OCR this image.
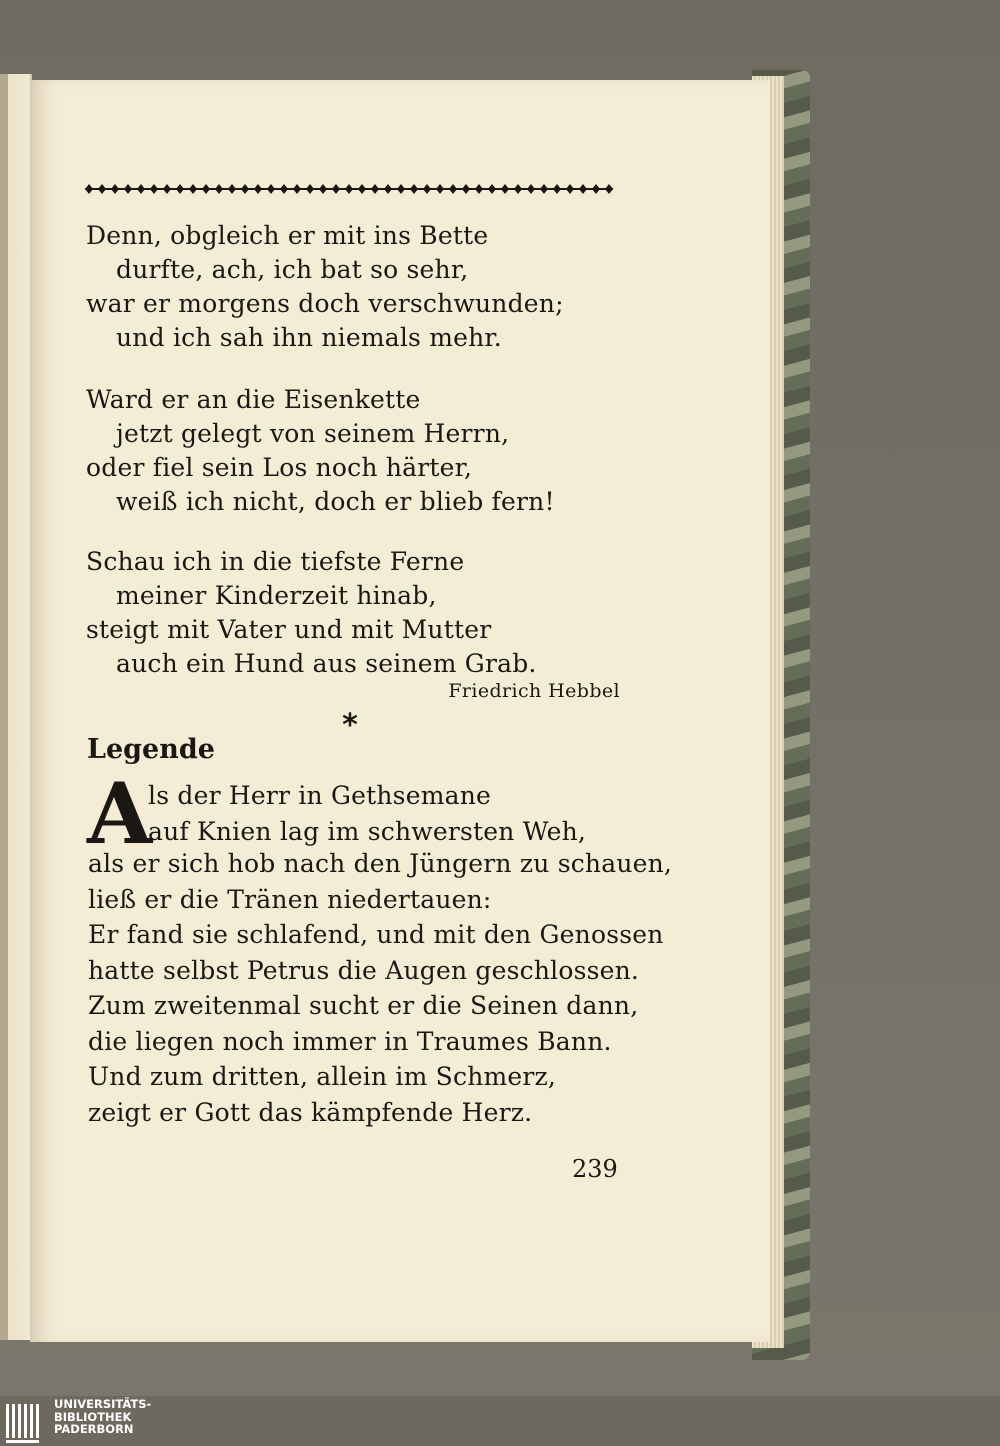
Denn, obgleich er mit ins Bette
durfte, ach, ich bat so sehr,
war er morgens doch verschwunden;
und ich sah ihn niemals mehr.
Ward er an die Eisenkette
jetzt gelegt von seinem Herrn,
oder fiel sein Los noch härter,
weiß ich nicht, doch er blieb fern!
Schau ich in die tiefste Ferne
meiner Kinderzeit hinab,
steigt mit Vater und mit Mutter
auch ein Hund aus seinem Grab.
Friedrich Hebbel
*
Legende
A
ls der Herr in Gethsemane
auf Knien lag im schwersten Weh,
als er sich hob nach den Jüngern zu schauen,
ließ er die Tränen niedertauen:
Er fand sie schlafend, und mit den Genossen
hatte selbst Petrus die Augen geschlossen.
Zum zweitenmal sucht er die Seinen dann,
die liegen noch immer in Traumes Bann.
Und zum dritten, allein im Schmerz,
zeigt er Gott das kämpfende Herz.
239
UNIVERSITÄTS-
BIBLIOTHEK
PADERBORN
